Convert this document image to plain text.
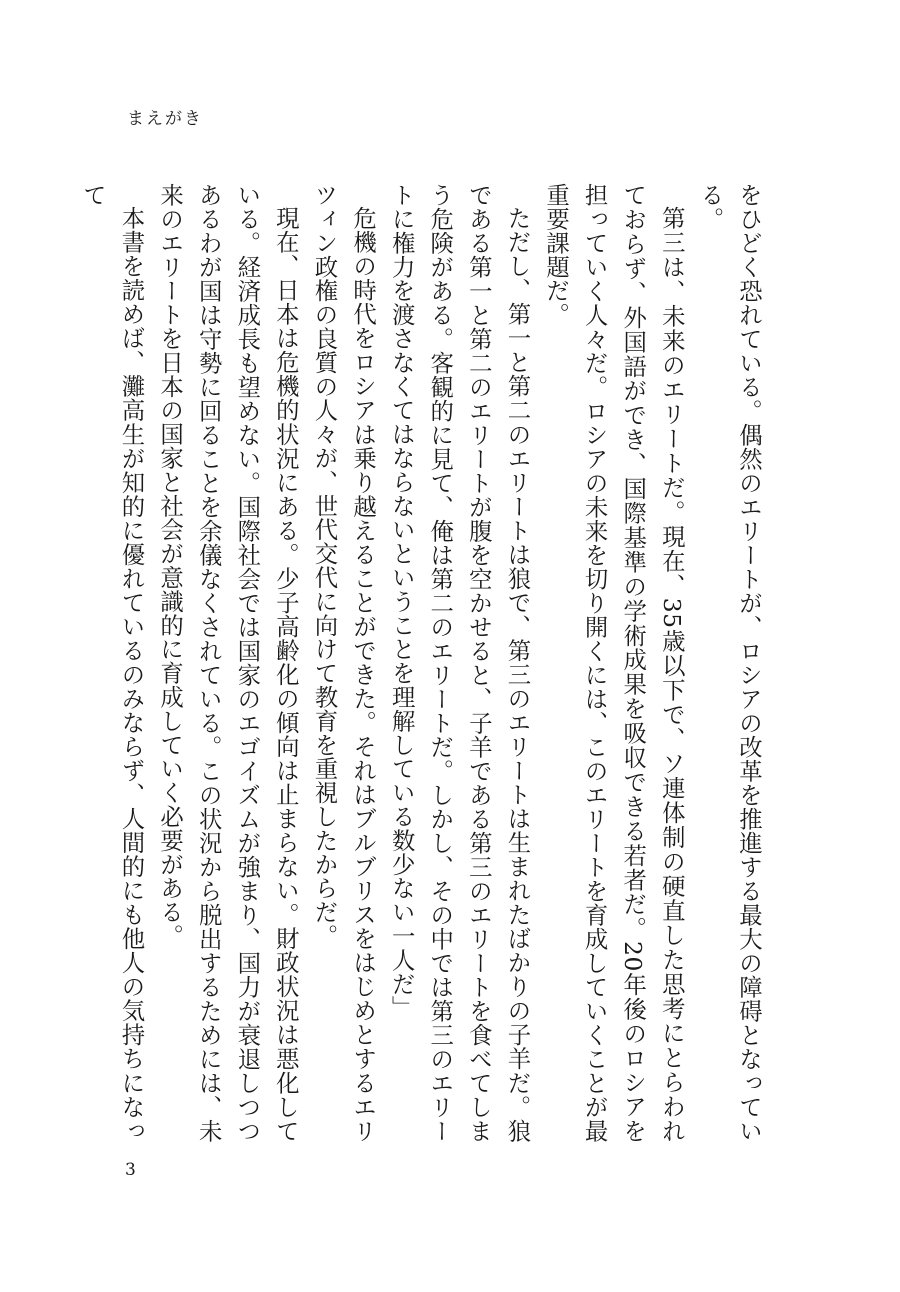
まえがき

をひどく恐れている。偶然のエリートが、ロシアの改革を推進する最大の障碍となっている。

第三は、未来のエリートだ。現在、35歳以下で、ソ連体制の硬直した思考にとらわれておらず、外国語ができ、国際基準の学術成果を吸収できる若者だ。20年後のロシアを担っていく人々だ。ロシアの未来を切り開くには、このエリートを育成していくことが最重要課題だ。

ただし、第一と第二のエリートは狼で、第三のエリートは生まれたばかりの子羊だ。狼である第一と第二のエリートが腹を空かせると、子羊である第三のエリートを食べてしまう危険がある。客観的に見て、俺は第二のエリートだ。しかし、その中では第三のエリートに権力を渡さなくてはならないということを理解している数少ない一人だ」

危機の時代をロシアは乗り越えることができた。それはブルブリスをはじめとするエリツィン政権の良質の人々が、世代交代に向けて教育を重視したからだ。

現在、日本は危機的状況にある。少子高齢化の傾向は止まらない。財政状況は悪化している。経済成長も望めない。国際社会では国家のエゴイズムが強まり、国力が衰退しつつあるわが国は守勢に回ることを余儀なくされている。この状況から脱出するためには、未来のエリートを日本の国家と社会が意識的に育成していく必要がある。

本書を読めば、灘高生が知的に優れているのみならず、人間的にも他人の気持ちになって

3
